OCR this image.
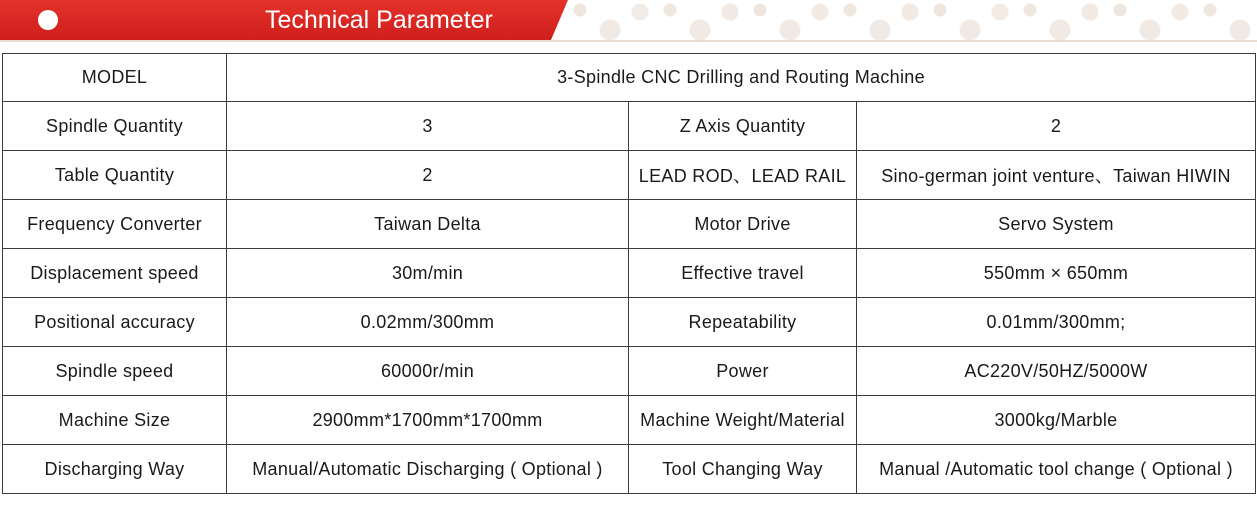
Technical Parameter
MODEL	3-Spindle CNC Drilling and Routing Machine		
Spindle Quantity	3	Z Axis Quantity	2
Table Quantity	2	LEAD ROD、LEAD RAIL	Sino-german joint venture、Taiwan HIWIN
Frequency Converter	Taiwan Delta	Motor Drive	Servo System
Displacement speed	30m/min	Effective travel	550mm × 650mm
Positional accuracy	0.02mm/300mm	Repeatability	0.01mm/300mm;
Spindle speed	60000r/min	Power	AC220V/50HZ/5000W
Machine Size	2900mm*1700mm*1700mm	Machine Weight/Material	3000kg/Marble
Discharging Way	Manual/Automatic Discharging ( Optional )	Tool Changing Way	Manual /Automatic tool change ( Optional )
